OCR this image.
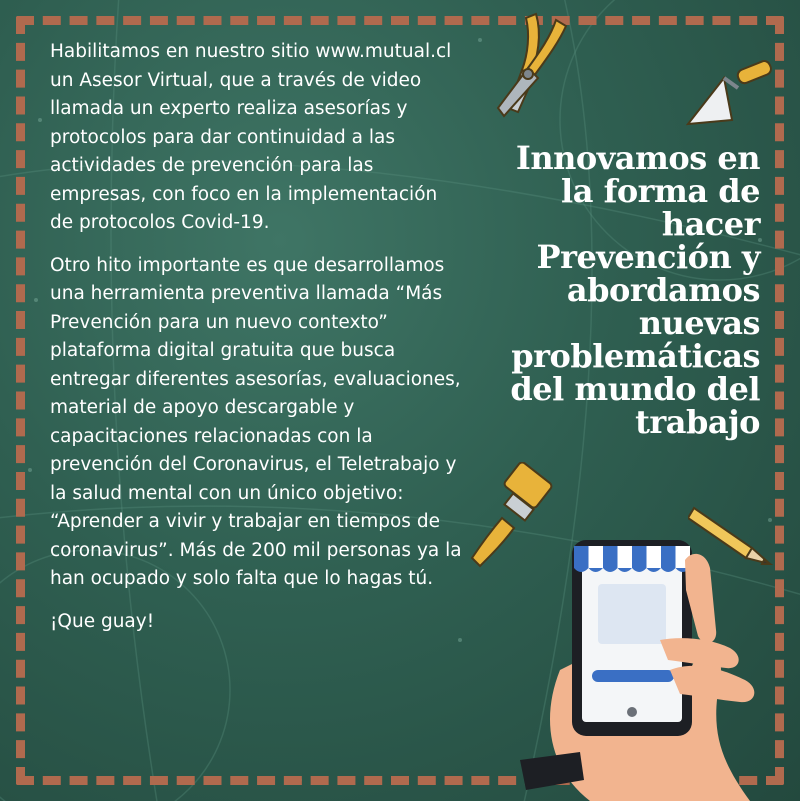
Habilitamos en nuestro sitio www.mutual.cl un Asesor Virtual, que a través de video llamada un experto realiza asesorías y protocolos para dar continuidad a las actividades de prevención para las empresas, con foco en la implementación de protocolos Covid-19.

Otro hito importante es que desarrollamos una herramienta preventiva llamada “Más Prevención para un nuevo contexto” plataforma digital gratuita que busca entregar diferentes asesorías, evaluaciones, material de apoyo descargable y capacitaciones relacionadas con la prevención del Coronavirus, el Teletrabajo y la salud mental con un único objetivo: “Aprender a vivir y trabajar en tiempos de coronavirus”. Más de 200 mil personas ya la han ocupado y solo falta que lo hagas tú.

¡Que guay!

Innovamos en
la forma de
hacer
Prevención y
abordamos
nuevas
problemáticas
del mundo del
trabajo
